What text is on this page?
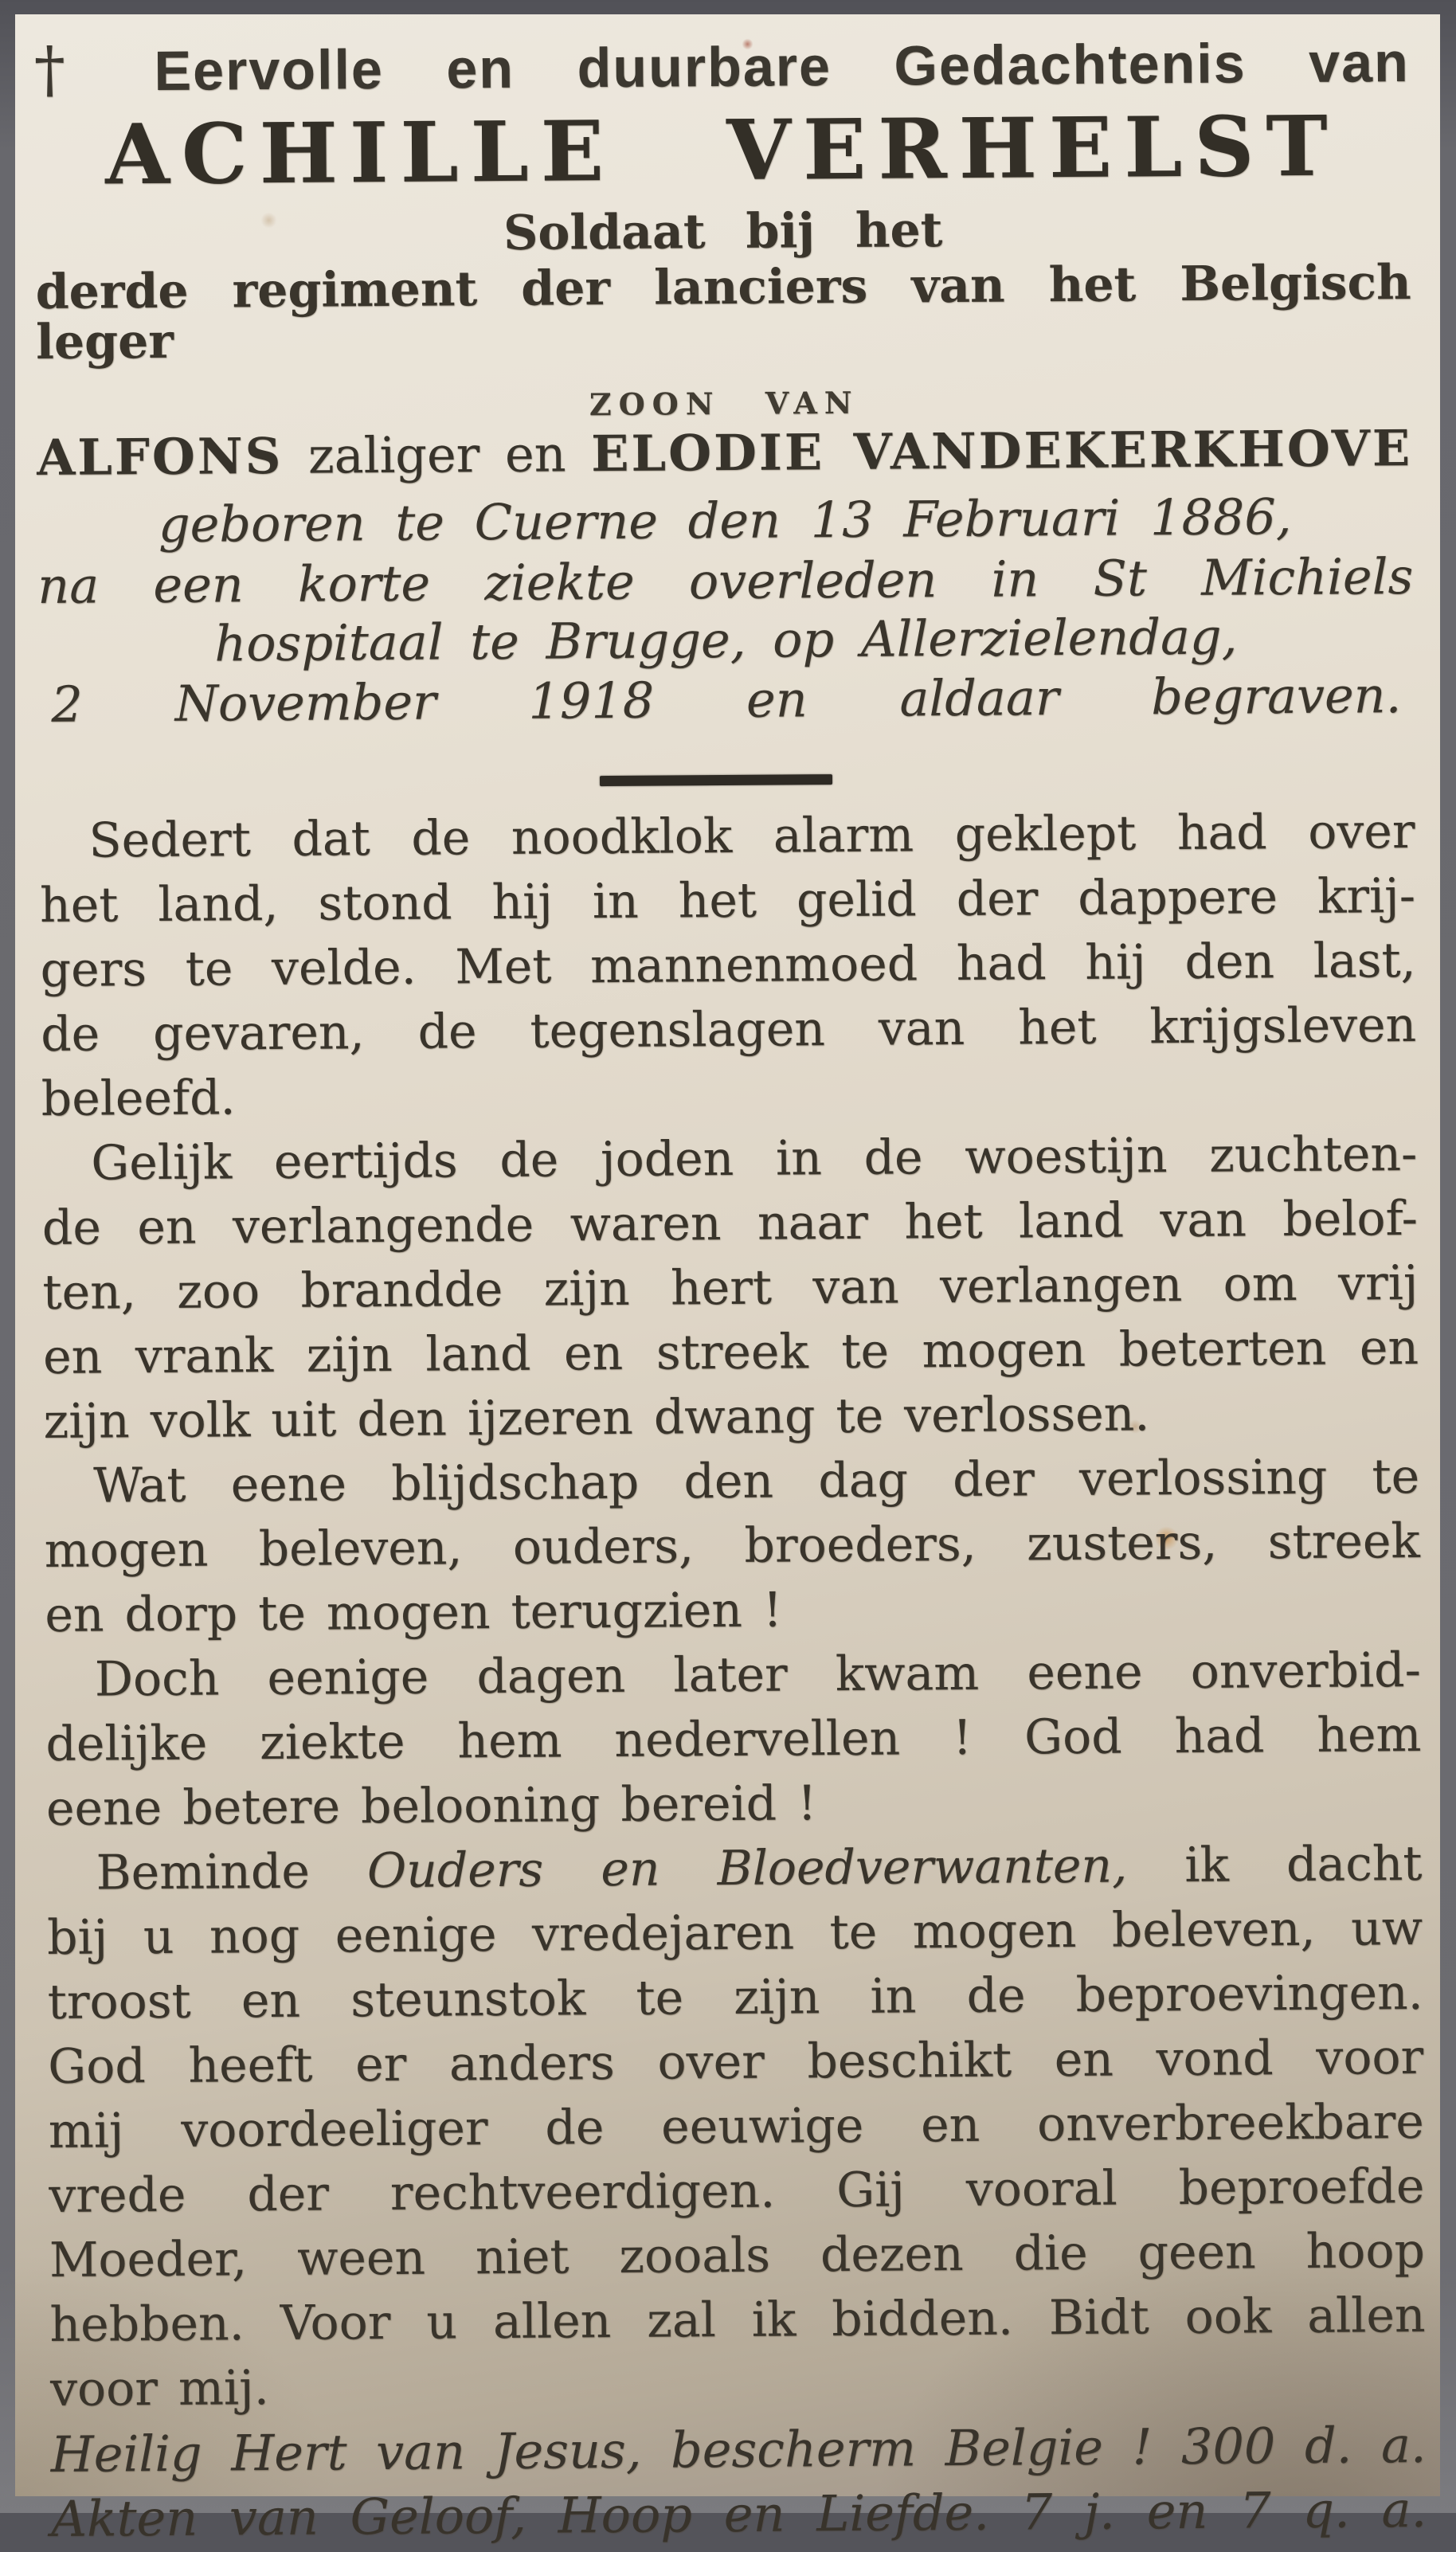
† Eervolle en duurbare Gedachtenis van
ACHILLE VERHELST
Soldaat bij het
derde regiment der lanciers van het Belgisch leger
ZOON VAN
ALFONS zaliger en ELODIE VANDEKERKHOVE
geboren te Cuerne den 13 Februari 1886,
na een korte ziekte overleden in St Michiels
hospitaal te Brugge, op Allerzielendag,
2 November 1918 en aldaar begraven.
Sedert dat de noodklok alarm geklept had over
het land, stond hij in het gelid der dappere krij-
gers te velde. Met mannenmoed had hij den last,
de gevaren, de tegenslagen van het krijgsleven
beleefd.
Gelijk eertijds de joden in de woestijn zuchten-
de en verlangende waren naar het land van belof-
ten, zoo brandde zijn hert van verlangen om vrij
en vrank zijn land en streek te mogen beterten en
zijn volk uit den ijzeren dwang te verlossen.
Wat eene blijdschap den dag der verlossing te
mogen beleven, ouders, broeders, zusters, streek
en dorp te mogen terugzien !
Doch eenige dagen later kwam eene onverbid-
delijke ziekte hem nedervellen ! God had hem
eene betere belooning bereid !
Beminde Ouders en Bloedverwanten, ik dacht
bij u nog eenige vredejaren te mogen beleven, uw
troost en steunstok te zijn in de beproevingen.
God heeft er anders over beschikt en vond voor
mij voordeeliger de eeuwige en onverbreekbare
vrede der rechtveerdigen. Gij vooral beproefde
Moeder, ween niet zooals dezen die geen hoop
hebben. Voor u allen zal ik bidden. Bidt ook allen
voor mij.
Heilig Hert van Jesus, bescherm Belgie ! 300 d. a.
Akten van Geloof, Hoop en Liefde. 7 j. en 7 q. a.
